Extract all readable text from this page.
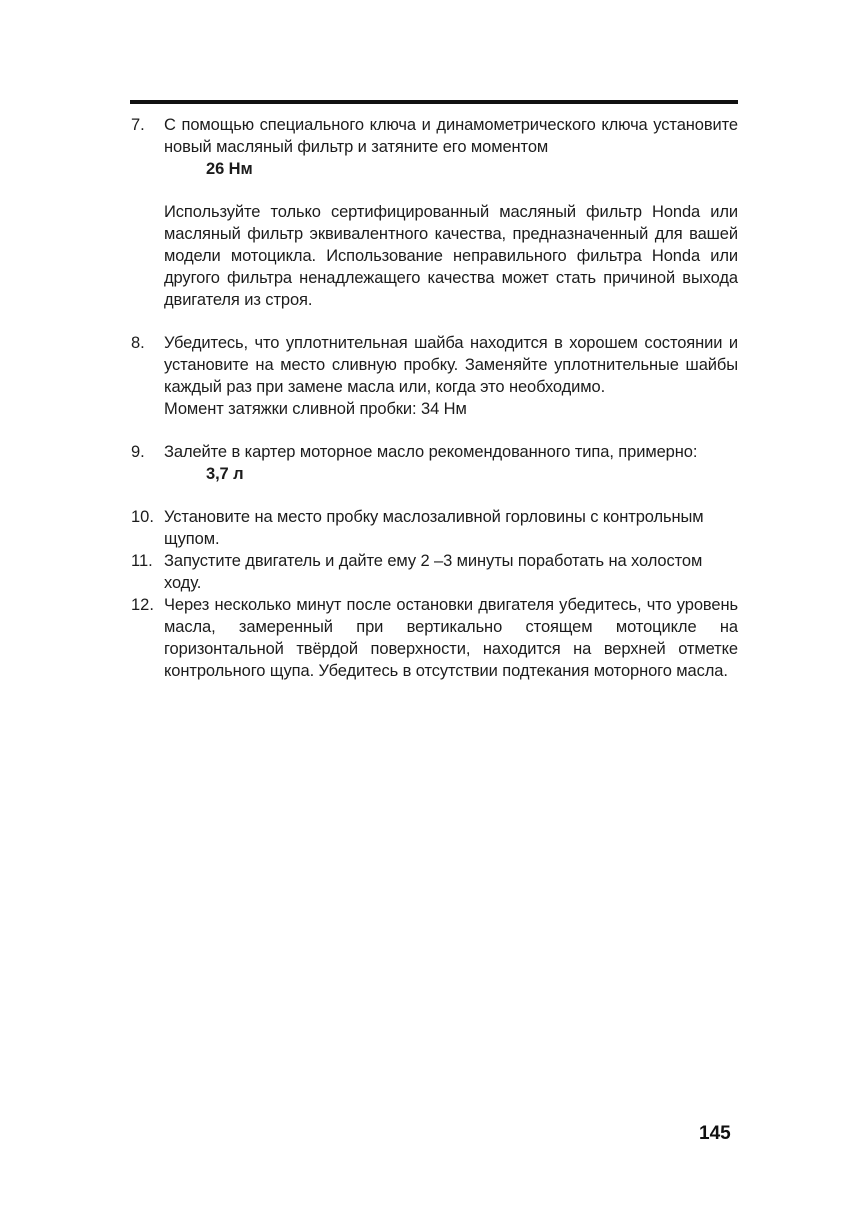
7.	С помощью специального ключа и динамометрического ключа установите новый масляный фильтр и затяните его моментом

26 Нм

Используйте только сертифицированный масляный фильтр Honda или масляный фильтр эквивалентного качества, предназначенный для вашей модели мотоцикла. Использование неправильного фильтра Honda или другого фильтра ненадлежащего качества может стать причиной выхода двигателя из строя.

8.	Убедитесь, что уплотнительная шайба находится в хорошем состоянии и установите на место сливную пробку. Заменяйте уплотнительные шайбы каждый раз при замене масла или, когда это необходимо.

Момент затяжки сливной пробки: 34 Нм

9.	Залейте в картер моторное масло рекомендованного типа, примерно:

3,7 л

10. Установите на место пробку маслозаливной горловины с контрольным щупом.

11. Запустите двигатель и дайте ему 2 –3 минуты поработать на холостом ходу.

12. Через несколько минут после остановки двигателя убедитесь, что уровень масла, замеренный при вертикально стоящем мотоцикле на горизонтальной твёрдой поверхности, находится на верхней отметке контрольного щупа. Убедитесь в отсутствии подтекания моторного масла.

145
